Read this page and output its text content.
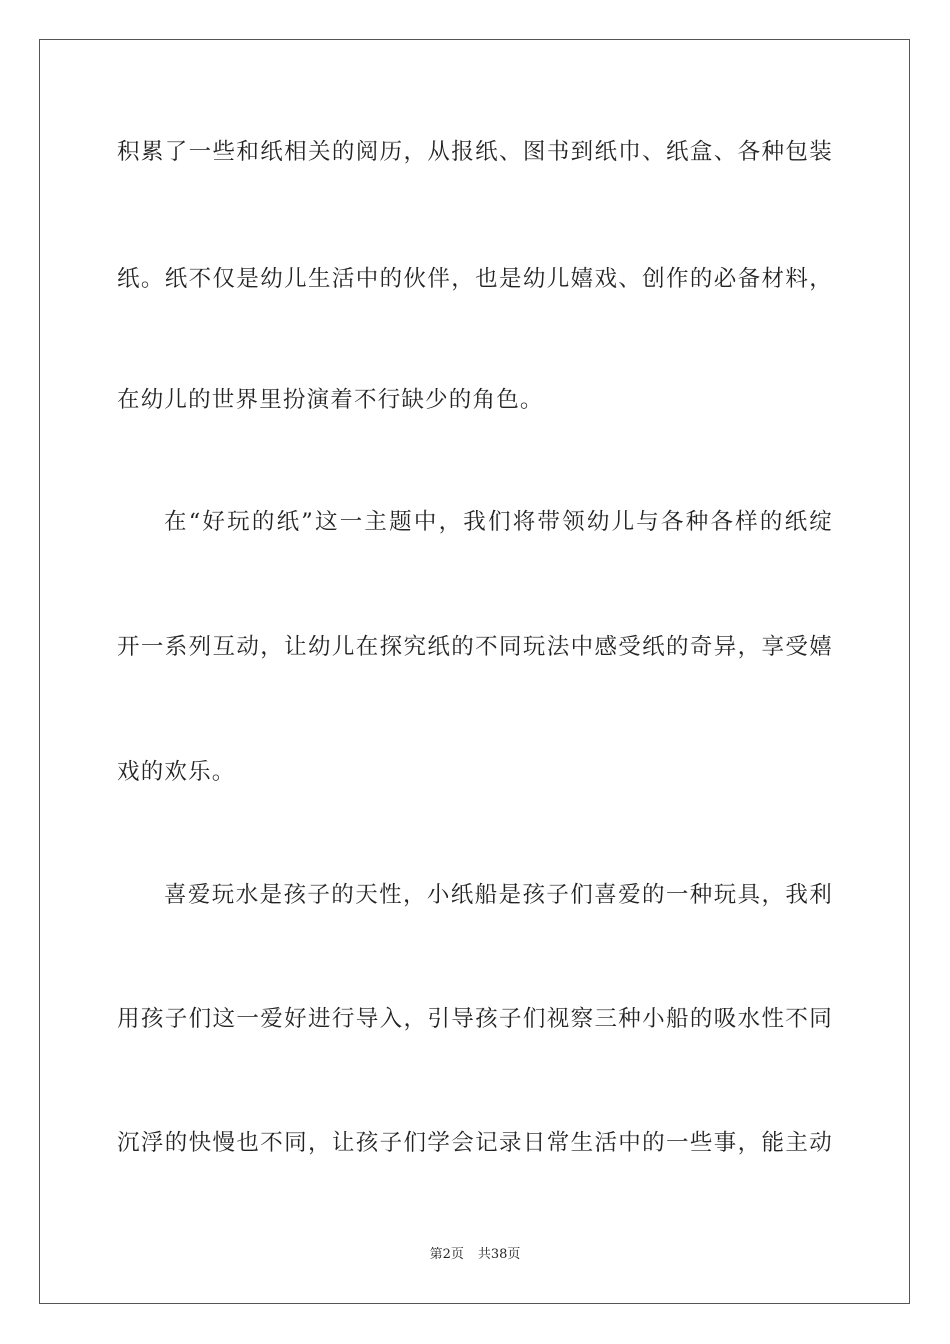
积累了一些和纸相关的阅历，从报纸、图书到纸巾、纸盒、各种包装
纸。纸不仅是幼儿生活中的伙伴，也是幼儿嬉戏、创作的必备材料，
在幼儿的世界里扮演着不行缺少的角色。
在“好玩的纸”这一主题中，我们将带领幼儿与各种各样的纸绽
开一系列互动，让幼儿在探究纸的不同玩法中感受纸的奇异，享受嬉
戏的欢乐。
喜爱玩水是孩子的天性，小纸船是孩子们喜爱的一种玩具，我利
用孩子们这一爱好进行导入，引导孩子们视察三种小船的吸水性不同
沉浮的快慢也不同，让孩子们学会记录日常生活中的一些事，能主动
第2页 共38页
